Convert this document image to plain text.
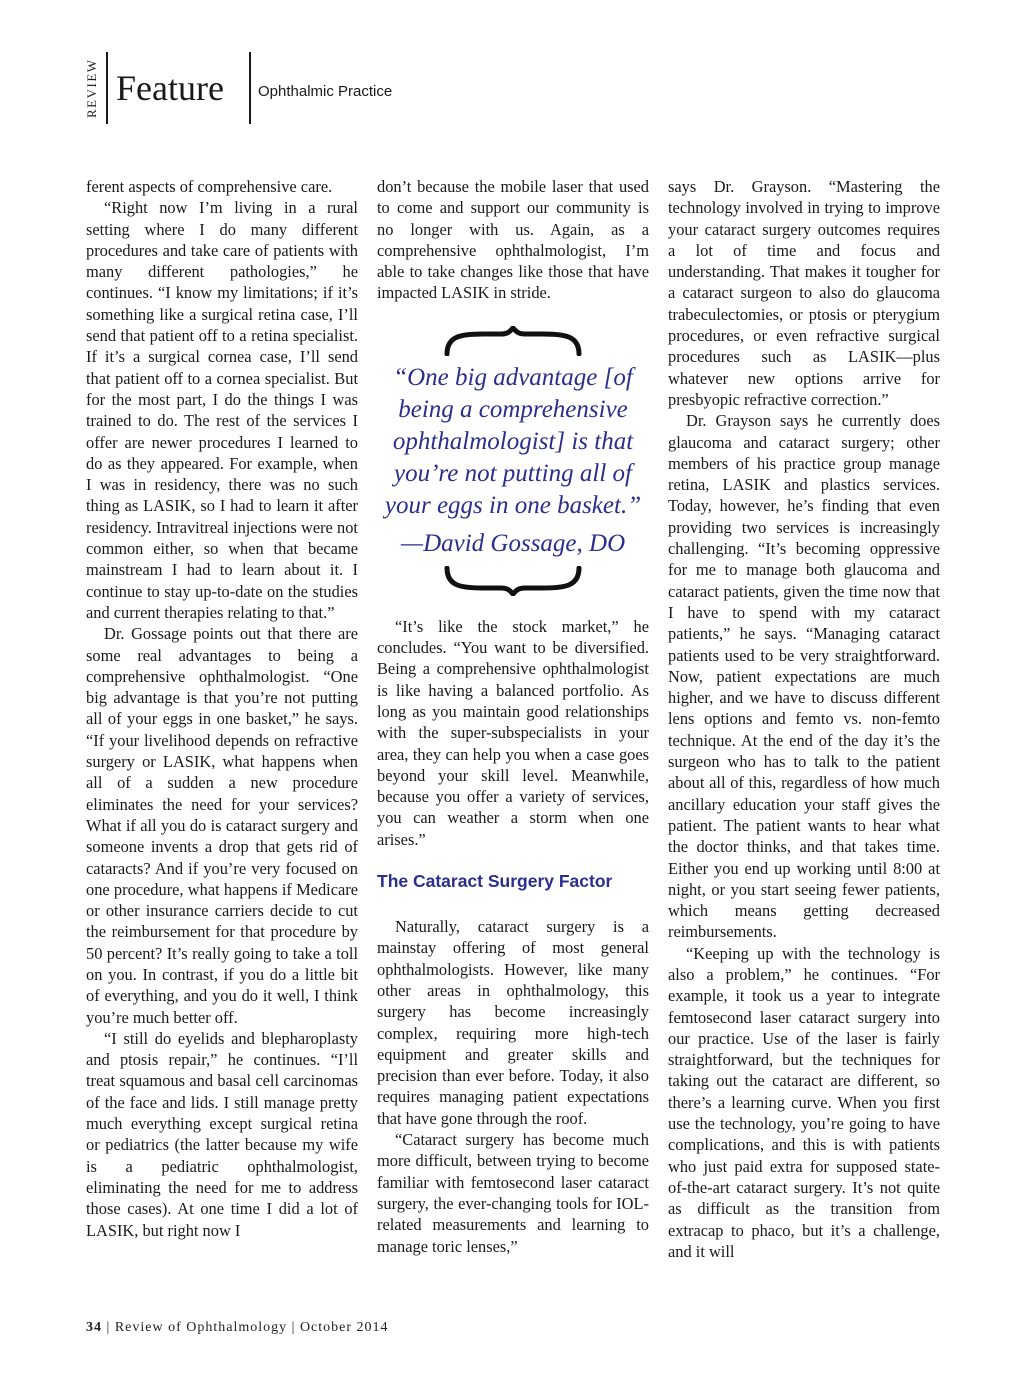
REVIEW Feature Ophthalmic Practice

ferent aspects of comprehensive care.

“Right now I’m living in a rural setting where I do many different procedures and take care of patients with many different pathologies,” he continues. “I know my limitations; if it’s something like a surgical retina case, I’ll send that patient off to a retina specialist. If it’s a surgical cornea case, I’ll send that patient off to a cornea specialist. But for the most part, I do the things I was trained to do. The rest of the services I offer are newer procedures I learned to do as they appeared. For example, when I was in residency, there was no such thing as LASIK, so I had to learn it after residency. Intravitreal injections were not common either, so when that became mainstream I had to learn about it. I continue to stay up-to-date on the studies and current therapies relating to that.”

Dr. Gossage points out that there are some real advantages to being a comprehensive ophthalmologist. “One big advantage is that you’re not putting all of your eggs in one basket,” he says. “If your livelihood depends on refractive surgery or LASIK, what happens when all of a sudden a new procedure eliminates the need for your services? What if all you do is cataract surgery and someone invents a drop that gets rid of cataracts? And if you’re very focused on one procedure, what happens if Medicare or other insurance carriers decide to cut the reimbursement for that procedure by 50 percent? It’s really going to take a toll on you. In contrast, if you do a little bit of everything, and you do it well, I think you’re much better off.

“I still do eyelids and blepharoplasty and ptosis repair,” he continues. “I’ll treat squamous and basal cell carcinomas of the face and lids. I still manage pretty much everything except surgical retina or pediatrics (the latter because my wife is a pediatric ophthalmologist, eliminating the need for me to address those cases). At one time I did a lot of LASIK, but right now I

don’t because the mobile laser that used to come and support our community is no longer with us. Again, as a comprehensive ophthalmologist, I’m able to take changes like those that have impacted LASIK in stride.

“One big advantage [of being a comprehensive ophthalmologist] is that you’re not putting all of your eggs in one basket.”
—David Gossage, DO

“It’s like the stock market,” he concludes. “You want to be diversified. Being a comprehensive ophthalmologist is like having a balanced portfolio. As long as you maintain good relationships with the super-subspecialists in your area, they can help you when a case goes beyond your skill level. Meanwhile, because you offer a variety of services, you can weather a storm when one arises.”

The Cataract Surgery Factor

Naturally, cataract surgery is a mainstay offering of most general ophthalmologists. However, like many other areas in ophthalmology, this surgery has become increasingly complex, requiring more high-tech equipment and greater skills and precision than ever before. Today, it also requires managing patient expectations that have gone through the roof.

“Cataract surgery has become much more difficult, between trying to become familiar with femtosecond laser cataract surgery, the ever-changing tools for IOL-related measurements and learning to manage toric lenses,”

says Dr. Grayson. “Mastering the technology involved in trying to improve your cataract surgery outcomes requires a lot of time and focus and understanding. That makes it tougher for a cataract surgeon to also do glaucoma trabeculectomies, or ptosis or pterygium procedures, or even refractive surgical procedures such as LASIK—plus whatever new options arrive for presbyopic refractive correction.”

Dr. Grayson says he currently does glaucoma and cataract surgery; other members of his practice group manage retina, LASIK and plastics services. Today, however, he’s finding that even providing two services is increasingly challenging. “It’s becoming oppressive for me to manage both glaucoma and cataract patients, given the time now that I have to spend with my cataract patients,” he says. “Managing cataract patients used to be very straightforward. Now, patient expectations are much higher, and we have to discuss different lens options and femto vs. non-femto technique. At the end of the day it’s the surgeon who has to talk to the patient about all of this, regardless of how much ancillary education your staff gives the patient. The patient wants to hear what the doctor thinks, and that takes time. Either you end up working until 8:00 at night, or you start seeing fewer patients, which means getting decreased reimbursements.

“Keeping up with the technology is also a problem,” he continues. “For example, it took us a year to integrate femtosecond laser cataract surgery into our practice. Use of the laser is fairly straightforward, but the techniques for taking out the cataract are different, so there’s a learning curve. When you first use the technology, you’re going to have complications, and this is with patients who just paid extra for supposed state-of-the-art cataract surgery. It’s not quite as difficult as the transition from extracap to phaco, but it’s a challenge, and it will

34 | Review of Ophthalmology | October 2014
